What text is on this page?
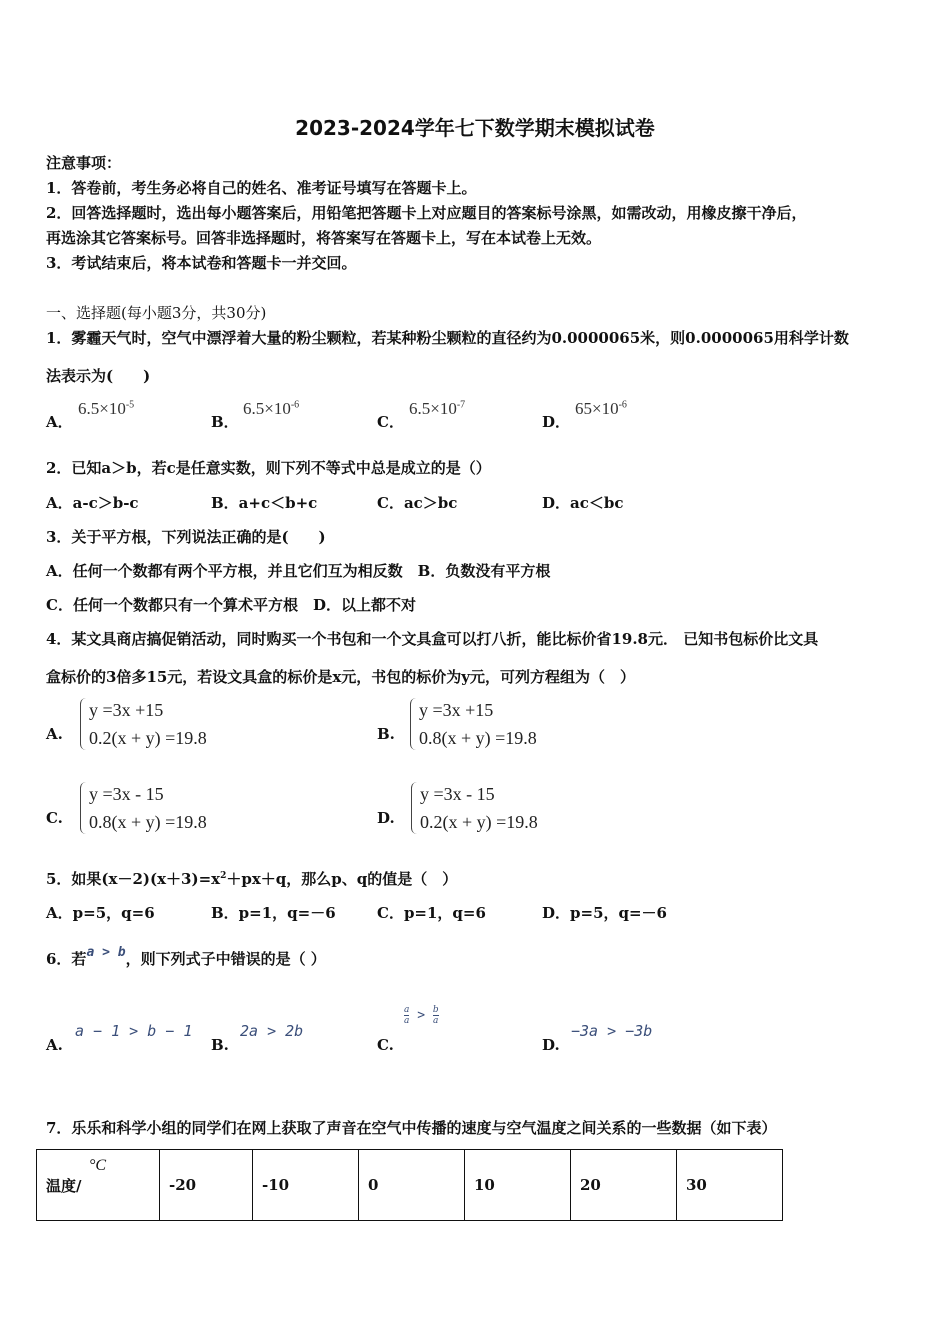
2023-2024学年七下数学期末模拟试卷
注意事项：
1．答卷前，考生务必将自己的姓名、准考证号填写在答题卡上。
2．回答选择题时，选出每小题答案后，用铅笔把答题卡上对应题目的答案标号涂黑，如需改动，用橡皮擦干净后，
再选涂其它答案标号。回答非选择题时，将答案写在答题卡上，写在本试卷上无效。
3．考试结束后，将本试卷和答题卡一并交回。
一、选择题(每小题3分，共30分)
1．雾霾天气时，空气中漂浮着大量的粉尘颗粒，若某种粉尘颗粒的直径约为0.0000065米，则0.0000065用科学计数
法表示为(　　)
A．
$6.5\times 10^{-5}$
B．
$6.5\times 10^{-6}$
C．
$6.5\times 10^{-7}$
D．
$65\times 10^{-6}$
2．已知a＞b，若c是任意实数，则下列不等式中总是成立的是（）
A．a-c＞b-c	B．a+c＜b+c	C．ac＞bc	D．ac＜bc
3．关于平方根，下列说法正确的是(　　)
A．任何一个数都有两个平方根，并且它们互为相反数　B．负数没有平方根
C．任何一个数都只有一个算术平方根　D．以上都不对
4．某文具商店搞促销活动，同时购买一个书包和一个文具盒可以打八折，能比标价省19.8元． 已知书包标价比文具
盒标价的3倍多15元，若设文具盒的标价是x元，书包的标价为y元，可列方程组为（　）
A.
y =3x +15
0.2(x + y) =19.8	B.
y =3x +15
0.8(x + y) =19.8
C.
y =3x - 15
0.8(x + y) =19.8	D.
y =3x - 15
0.2(x + y) =19.8
5．如果$(x-2)(x+3)=x^2+px+q$，那么p、q的值是（　）
A．p=5，q=6	B．p=1，q=－6	C．p=1，q=6	D．p=5，q=－6
6．若a > b，则下列式子中错误的是（ ）
A.
a − 1 > b − 1
B.
2a > 2b
C.
$\frac{a}{a} > \frac{b}{a}$
D.
−3a > −3b
7．乐乐和科学小组的同学们在网上获取了声音在空气中传播的速度与空气温度之间关系的一些数据（如下表）
温度/
°C
	-20	-10	0	10	20	30
